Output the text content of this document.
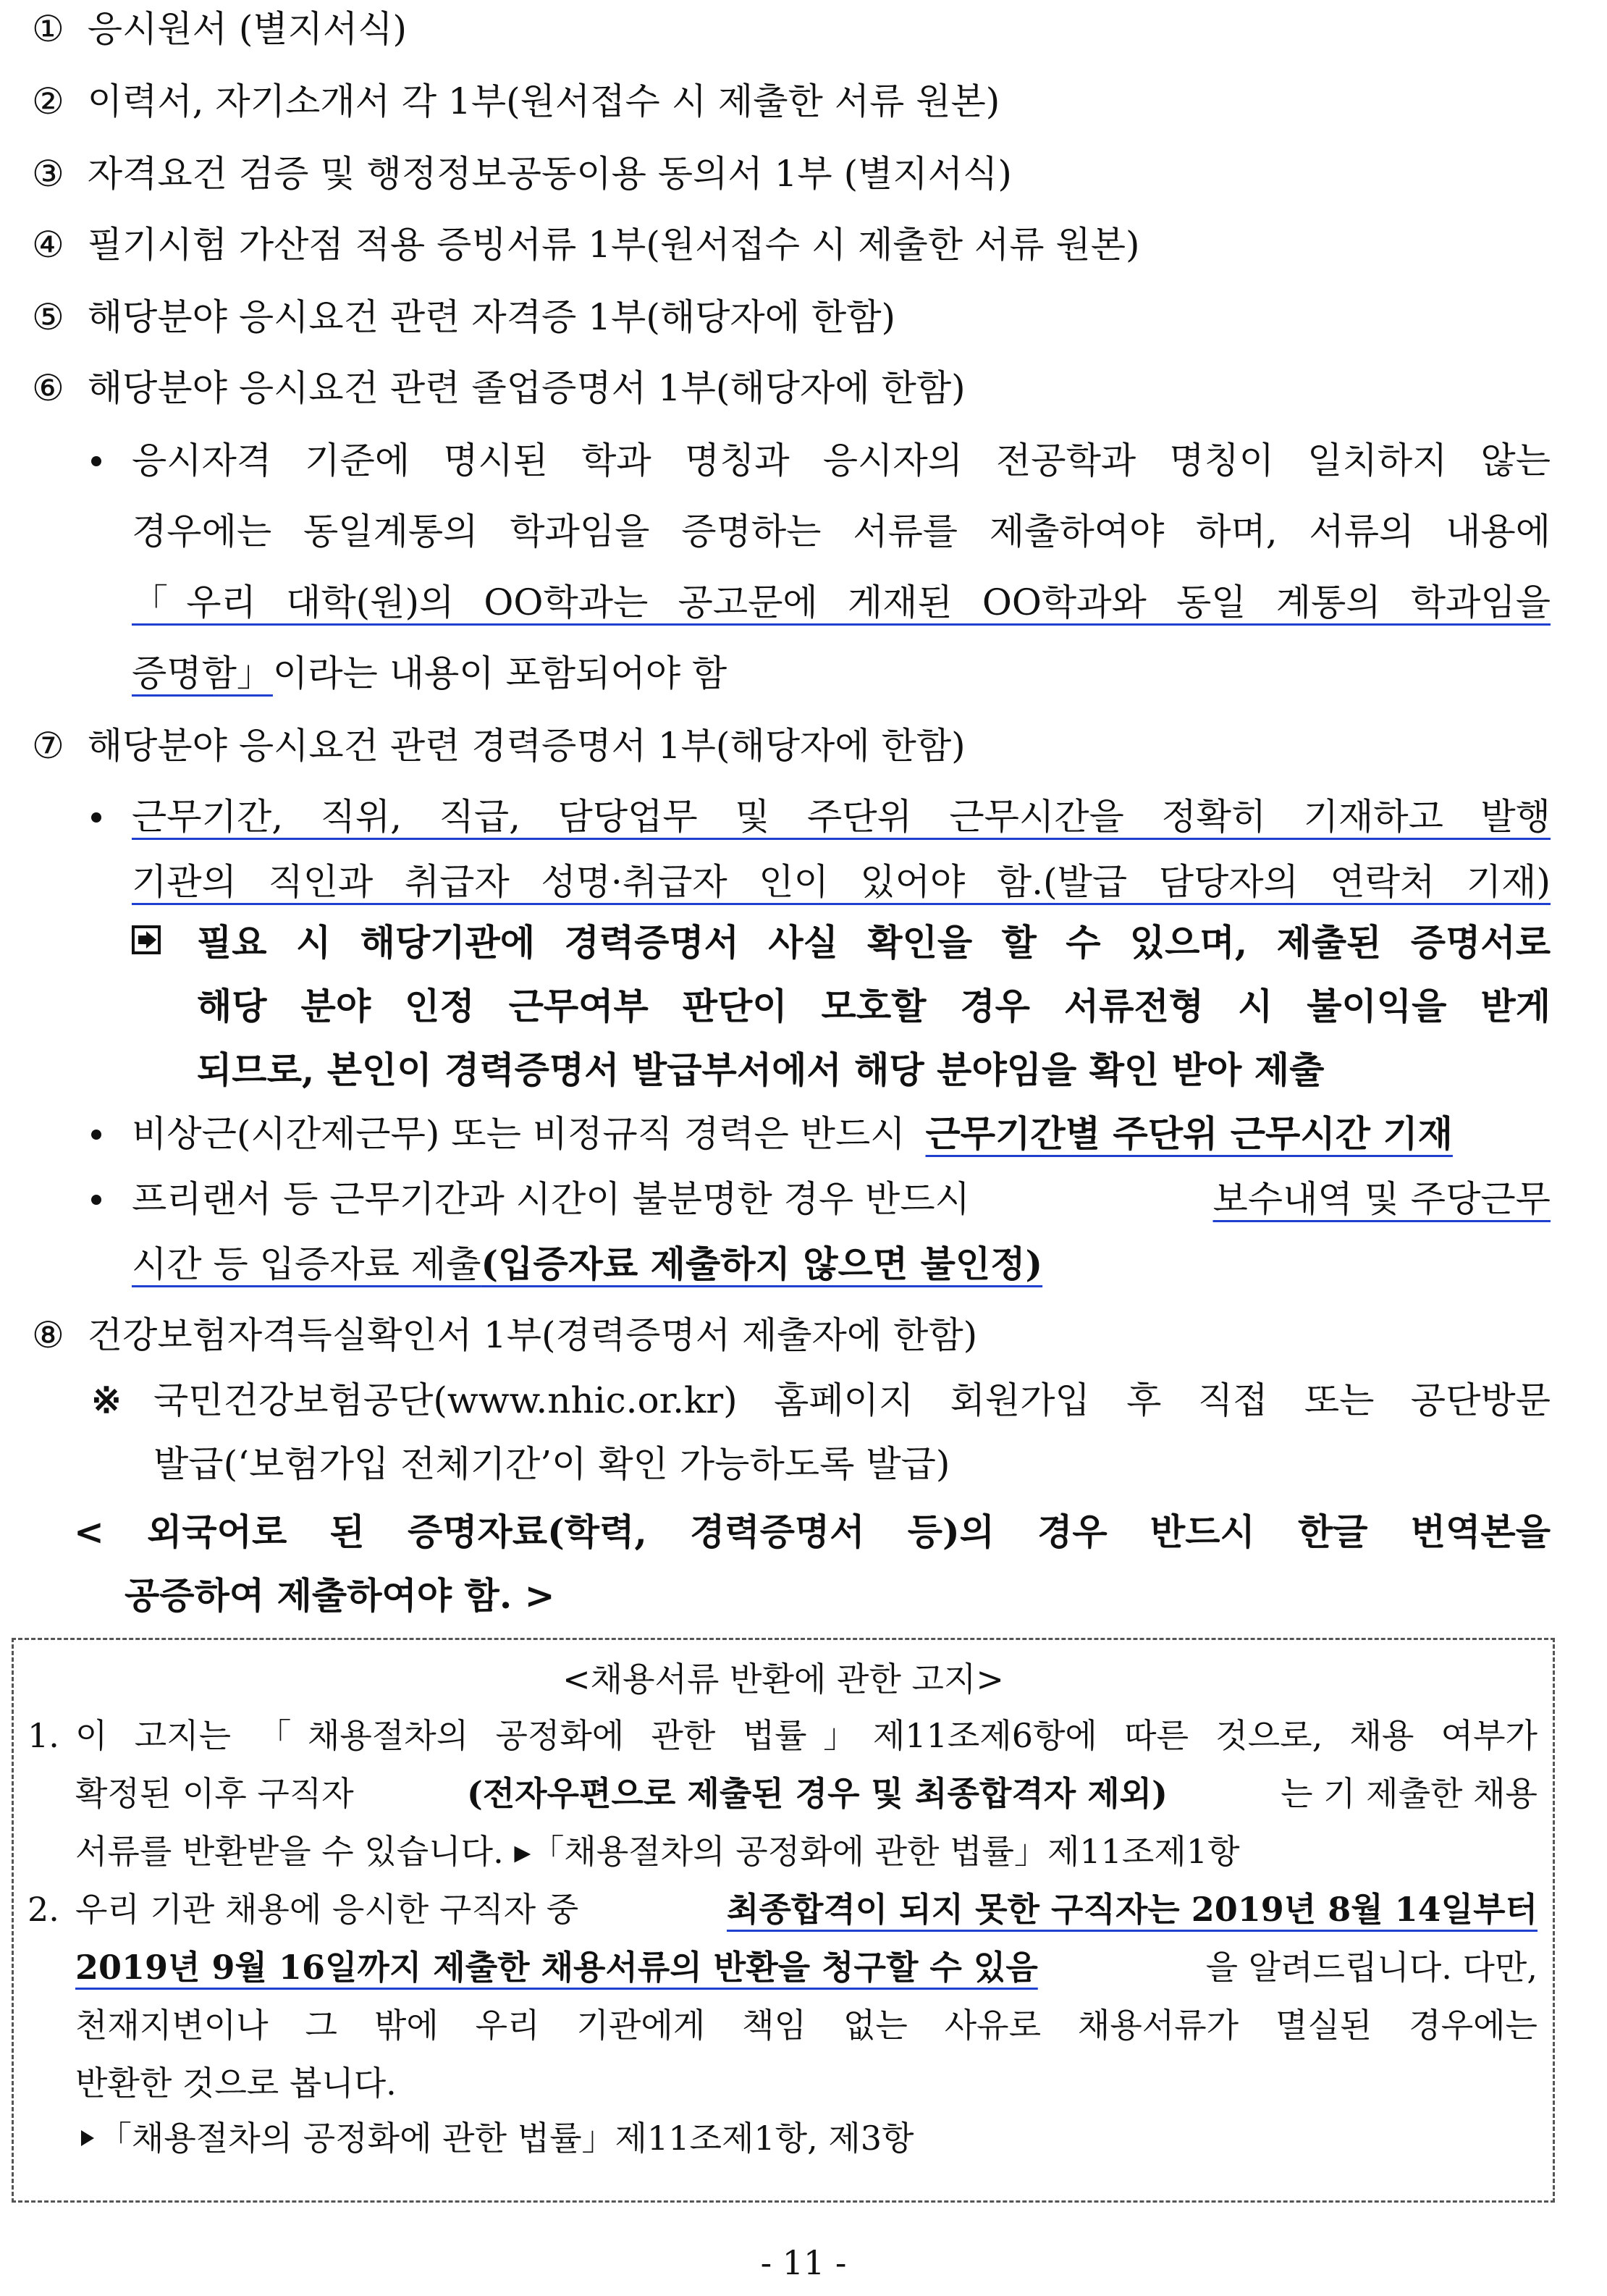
① 응시원서 (별지서식)
② 이력서, 자기소개서 각 1부(원서접수 시 제출한 서류 원본)
③ 자격요건 검증 및 행정정보공동이용 동의서 1부 (별지서식)
④ 필기시험 가산점 적용 증빙서류 1부(원서접수 시 제출한 서류 원본)
⑤ 해당분야 응시요건 관련 자격증 1부(해당자에 한함)
⑥ 해당분야 응시요건 관련 졸업증명서 1부(해당자에 한함)
응시자격 기준에 명시된 학과 명칭과 응시자의 전공학과 명칭이 일치하지 않는
경우에는 동일계통의 학과임을 증명하는 서류를 제출하여야 하며, 서류의 내용에
「우리 대학(원)의 OO학과는 공고문에 게재된 OO학과와 동일 계통의 학과임을
증명함」이라는 내용이 포함되어야 함
⑦ 해당분야 응시요건 관련 경력증명서 1부(해당자에 한함)
근무기간, 직위, 직급, 담당업무 및 주단위 근무시간을 정확히 기재하고 발행
기관의 직인과 취급자 성명·취급자 인이 있어야 함.(발급 담당자의 연락처 기재)
필요 시 해당기관에 경력증명서 사실 확인을 할 수 있으며, 제출된 증명서로
해당 분야 인정 근무여부 판단이 모호할 경우 서류전형 시 불이익을 받게
되므로, 본인이 경력증명서 발급부서에서 해당 분야임을 확인 받아 제출
비상근(시간제근무) 또는 비정규직 경력은 반드시 근무기간별 주단위 근무시간 기재
프리랜서 등 근무기간과 시간이 불분명한 경우 반드시	보수내역 및 주당근무
시간 등 입증자료 제출(입증자료 제출하지 않으면 불인정)
⑧ 건강보험자격득실확인서 1부(경력증명서 제출자에 한함)
※ 국민건강보험공단(www.nhic.or.kr) 홈페이지 회원가입 후 직접 또는 공단방문
발급(‘보험가입 전체기간’이 확인 가능하도록 발급)
< 외국어로 된 증명자료(학력, 경력증명서 등)의 경우 반드시 한글 번역본을
공증하여 제출하여야 함. >
<채용서류 반환에 관한 고지>
1. 이 고지는 「채용절차의 공정화에 관한 법률」제11조제6항에 따른 것으로, 채용 여부가
확정된 이후 구직자	(전자우편으로 제출된 경우 및 최종합격자 제외)	는 기 제출한 채용
서류를 반환받을 수 있습니다. ▸「채용절차의 공정화에 관한 법률」제11조제1항
2. 우리 기관 채용에 응시한 구직자 중	최종합격이 되지 못한 구직자는 2019년 8월 14일부터
2019년 9월 16일까지 제출한 채용서류의 반환을 청구할 수 있음	을 알려드립니다. 다만,
천재지변이나 그 밖에 우리 기관에게 책임 없는 사유로 채용서류가 멸실된 경우에는
반환한 것으로 봅니다.
「채용절차의 공정화에 관한 법률」제11조제1항, 제3항
- 11 -
